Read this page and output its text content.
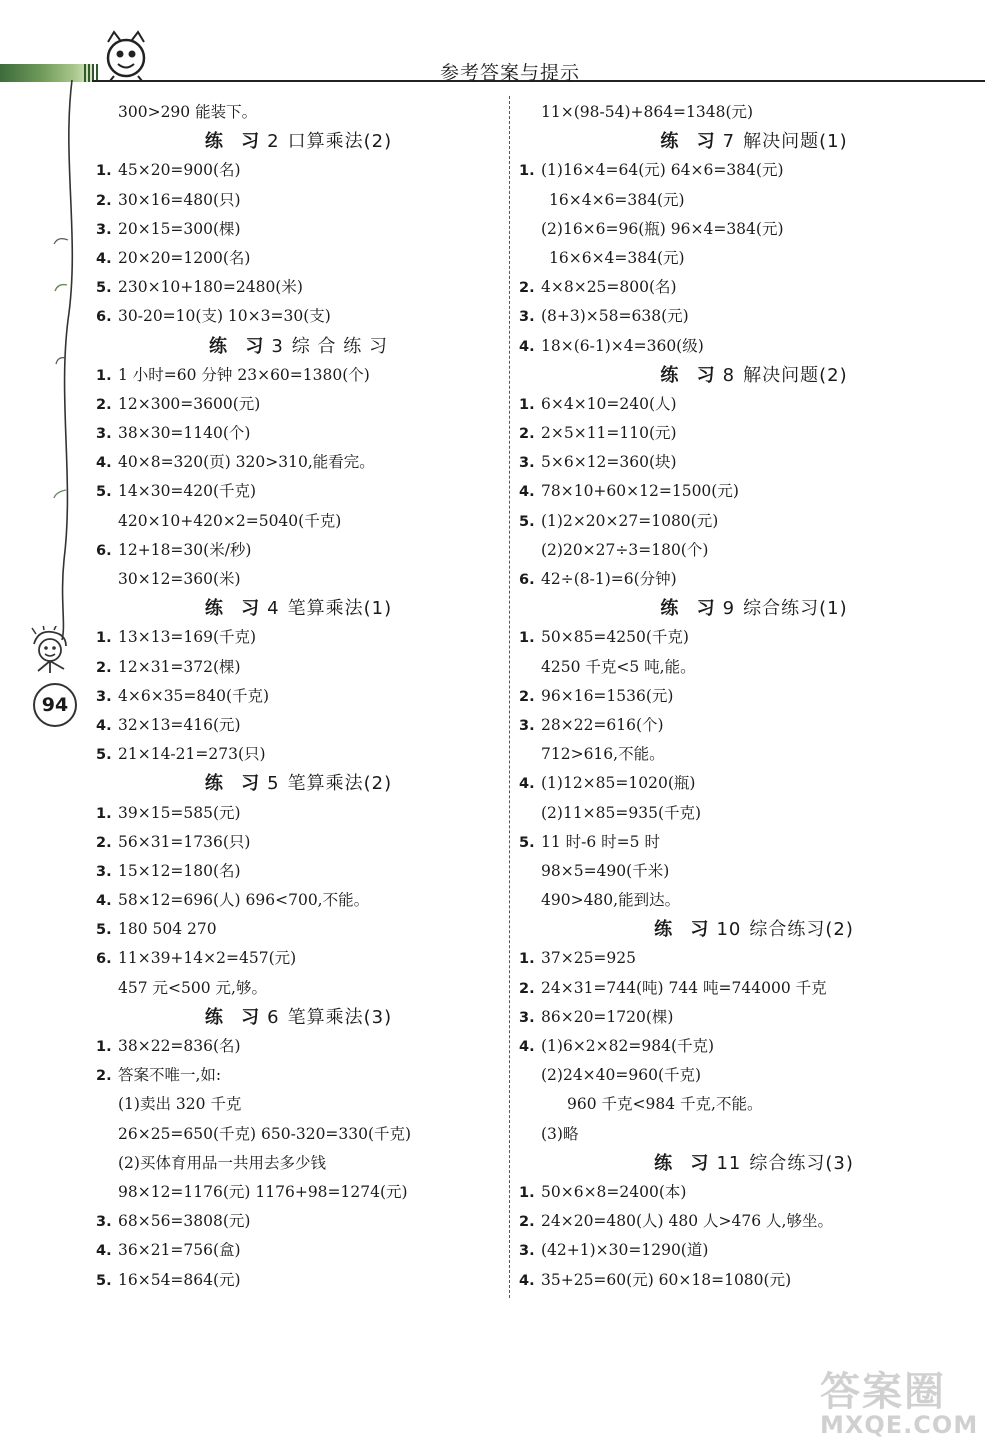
参考答案与提示
94
300>290 能装下。
练 习 2 口算乘法(2)
1. 45×20=900(名)
2. 30×16=480(只)
3. 20×15=300(棵)
4. 20×20=1200(名)
5. 230×10+180=2480(米)
6. 30-20=10(支) 10×3=30(支)
练 习 3 综 合 练 习
1. 1 小时=60 分钟 23×60=1380(个)
2. 12×300=3600(元)
3. 38×30=1140(个)
4. 40×8=320(页) 320>310,能看完。
5. 14×30=420(千克)
420×10+420×2=5040(千克)
6. 12+18=30(米/秒)
30×12=360(米)
练 习 4 笔算乘法(1)
1. 13×13=169(千克)
2. 12×31=372(棵)
3. 4×6×35=840(千克)
4. 32×13=416(元)
5. 21×14-21=273(只)
练 习 5 笔算乘法(2)
1. 39×15=585(元)
2. 56×31=1736(只)
3. 15×12=180(名)
4. 58×12=696(人) 696<700,不能。
5. 180 504 270
6. 11×39+14×2=457(元)
457 元<500 元,够。
练 习 6 笔算乘法(3)
1. 38×22=836(名)
2. 答案不唯一,如:
(1)卖出 320 千克
26×25=650(千克) 650-320=330(千克)
(2)买体育用品一共用去多少钱
98×12=1176(元) 1176+98=1274(元)
3. 68×56=3808(元)
4. 36×21=756(盒)
5. 16×54=864(元)
11×(98-54)+864=1348(元)
练 习 7 解决问题(1)
1. (1)16×4=64(元) 64×6=384(元)
16×4×6=384(元)
(2)16×6=96(瓶) 96×4=384(元)
16×6×4=384(元)
2. 4×8×25=800(名)
3. (8+3)×58=638(元)
4. 18×(6-1)×4=360(级)
练 习 8 解决问题(2)
1. 6×4×10=240(人)
2. 2×5×11=110(元)
3. 5×6×12=360(块)
4. 78×10+60×12=1500(元)
5. (1)2×20×27=1080(元)
(2)20×27÷3=180(个)
6. 42÷(8-1)=6(分钟)
练 习 9 综合练习(1)
1. 50×85=4250(千克)
4250 千克<5 吨,能。
2. 96×16=1536(元)
3. 28×22=616(个)
712>616,不能。
4. (1)12×85=1020(瓶)
(2)11×85=935(千克)
5. 11 时-6 时=5 时
98×5=490(千米)
490>480,能到达。
练 习 10 综合练习(2)
1. 37×25=925
2. 24×31=744(吨) 744 吨=744000 千克
3. 86×20=1720(棵)
4. (1)6×2×82=984(千克)
(2)24×40=960(千克)
960 千克<984 千克,不能。
(3)略
练 习 11 综合练习(3)
1. 50×6×8=2400(本)
2. 24×20=480(人) 480 人>476 人,够坐。
3. (42+1)×30=1290(道)
4. 35+25=60(元) 60×18=1080(元)
答案圈
MXQE.COM
